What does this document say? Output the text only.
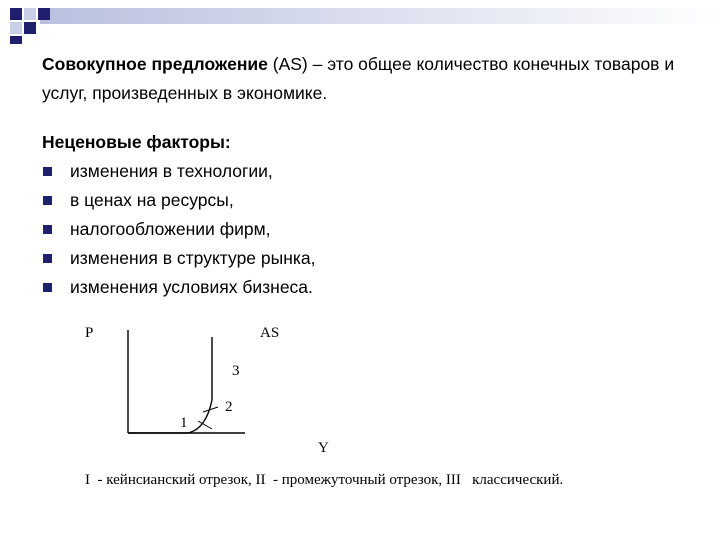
Совокупное предложение (AS) – это общее количество конечных товаров и услуг, произведенных в экономике.

Неценовые факторы:

изменения в технологии,
в ценах на ресурсы,
налогообложении фирм,
изменения в структуре рынка,
изменения условиях бизнеса.
P	AS
3
2
1
Y
I  - кейнсианский отрезок, II  - промежуточный отрезок, III   классический.
